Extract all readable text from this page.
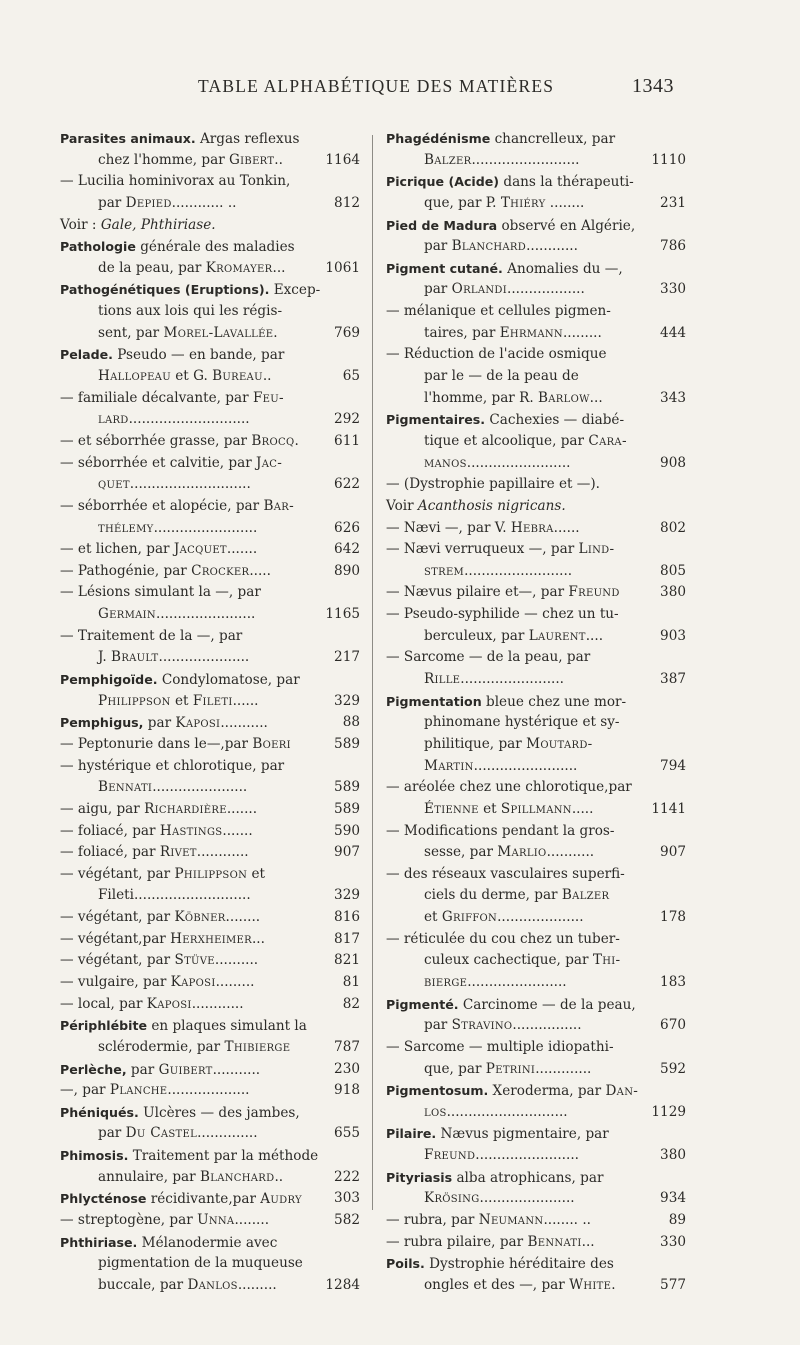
TABLE ALPHABÉTIQUE DES MATIÈRES	1343
Parasites animaux. Argas reflexus
chez l'homme, par Gibert..	1164
— Lucilia hominivorax au Tonkin,
par Depied............ ..	812
Voir : Gale, Phthiriase.
Pathologie générale des maladies
de la peau, par Kromayer...	1061
Pathogénétiques (Eruptions). Excep-
tions aux lois qui les régis-
sent, par Morel-Lavallée.	769
Pelade. Pseudo — en bande, par
Hallopeau et G. Bureau..	65
— familiale décalvante, par Feu-
lard............................	292
— et séborrhée grasse, par Brocq.	611
— séborrhée et calvitie, par Jac-
quet............................	622
— séborrhée et alopécie, par Bar-
thélemy........................	626
— et lichen, par Jacquet.......	642
— Pathogénie, par Crocker.....	890
— Lésions simulant la —, par
Germain.......................	1165
— Traitement de la —, par
J. Brault.....................	217
Pemphigoïde. Condylomatose, par
Philippson et Fileti......	329
Pemphigus, par Kaposi...........	88
— Peptonurie dans le—,par Boeri	589
— hystérique et chlorotique, par
Bennati......................	589
— aigu, par Richardière.......	589
— foliacé, par Hastings.......	590
— foliacé, par Rivet............	907
— végétant, par Philippson et
Fileti...........................	329
— végétant, par Köbner........	816
— végétant,par Herxheimer...	817
— végétant, par Stüve..........	821
— vulgaire, par Kaposi.........	81
— local, par Kaposi............	82
Périphlébite en plaques simulant la
sclérodermie, par Thibierge	787
Perlèche, par Guibert...........	230
—, par Planche...................	918
Phéniqués. Ulcères — des jambes,
par Du Castel..............	655
Phimosis. Traitement par la méthode
annulaire, par Blanchard..	222
Phlycténose récidivante,par Audry 303
— streptogène, par Unna........	582
Phthiriase. Mélanodermie avec
pigmentation de la muqueuse
buccale, par Danlos.........	1284
Phagédénisme chancrelleux, par
Balzer.........................	1110
Picrique (Acide) dans la thérapeuti-
que, par P. Thiéry ........	231
Pied de Madura observé en Algérie,
par Blanchard............	786
Pigment cutané. Anomalies du —,
par Orlandi..................	330
— mélanique et cellules pigmen-
taires, par Ehrmann.........	444
— Réduction de l'acide osmique
par le — de la peau de
l'homme, par R. Barlow...	343
Pigmentaires. Cachexies — diabé-
tique et alcoolique, par Cara-
manos........................	908
— (Dystrophie papillaire et —).
Voir Acanthosis nigricans.
— Nævi —, par V. Hebra......	802
— Nævi verruqueux —, par Lind-
strem.........................	805
— Nævus pilaire et—, par Freund	380
— Pseudo-syphilide — chez un tu-
berculeux, par Laurent....	903
— Sarcome — de la peau, par
Rille........................	387
Pigmentation bleue chez une mor-
phinomane hystérique et sy-
philitique, par Moutard-
Martin........................	794
— aréolée chez une chlorotique,par
Étienne et Spillmann.....	1141
— Modifications pendant la gros-
sesse, par Marlio...........	907
— des réseaux vasculaires superfi-
ciels du derme, par Balzer
et Griffon....................	178
— réticulée du cou chez un tuber-
culeux cachectique, par Thi-
bierge.......................	183
Pigmenté. Carcinome — de la peau,
par Stravino................	670
— Sarcome — multiple idiopathi-
que, par Petrini.............	592
Pigmentosum. Xeroderma, par Dan-
los............................	1129
Pilaire. Nævus pigmentaire, par
Freund........................	380
Pityriasis alba atrophicans, par
Krösing......................	934
— rubra, par Neumann........ ..	89
— rubra pilaire, par Bennati...	330
Poils. Dystrophie héréditaire des
ongles et des —, par White.	577
